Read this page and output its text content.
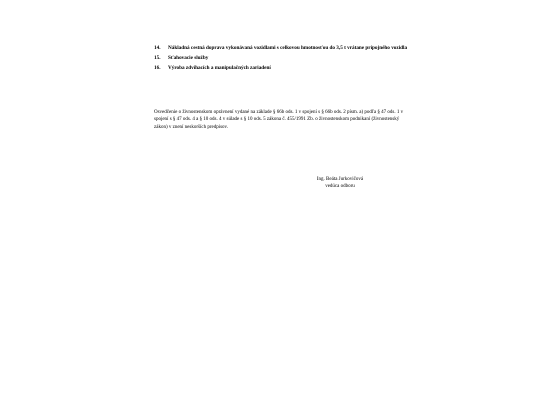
14.	Nákladná cestná doprava vykonávaná vozidlami s celkovou hmotnosťou do 3,5 t vrátane prípojného vozidla
15.	Sťahovacie služby
16.	Výroba zdvíhacích a manipulačných zariadení

Osvedčenie o živnostenskom oprávnení vydané na základe § 66b ods. 1 v spojení s § 66b ods. 2 písm. a) podľa § 47 ods. 1 v spojení s § 47 ods. 4 a § 10 ods. 4 v súlade s § 10 ods. 5 zákona č. 455/1991 Zb. o živnostenskom podnikaní (živnostenský zákon) v znení neskorších predpisov.

Ing. Beáta Jurkovičová
vedúca odboru
